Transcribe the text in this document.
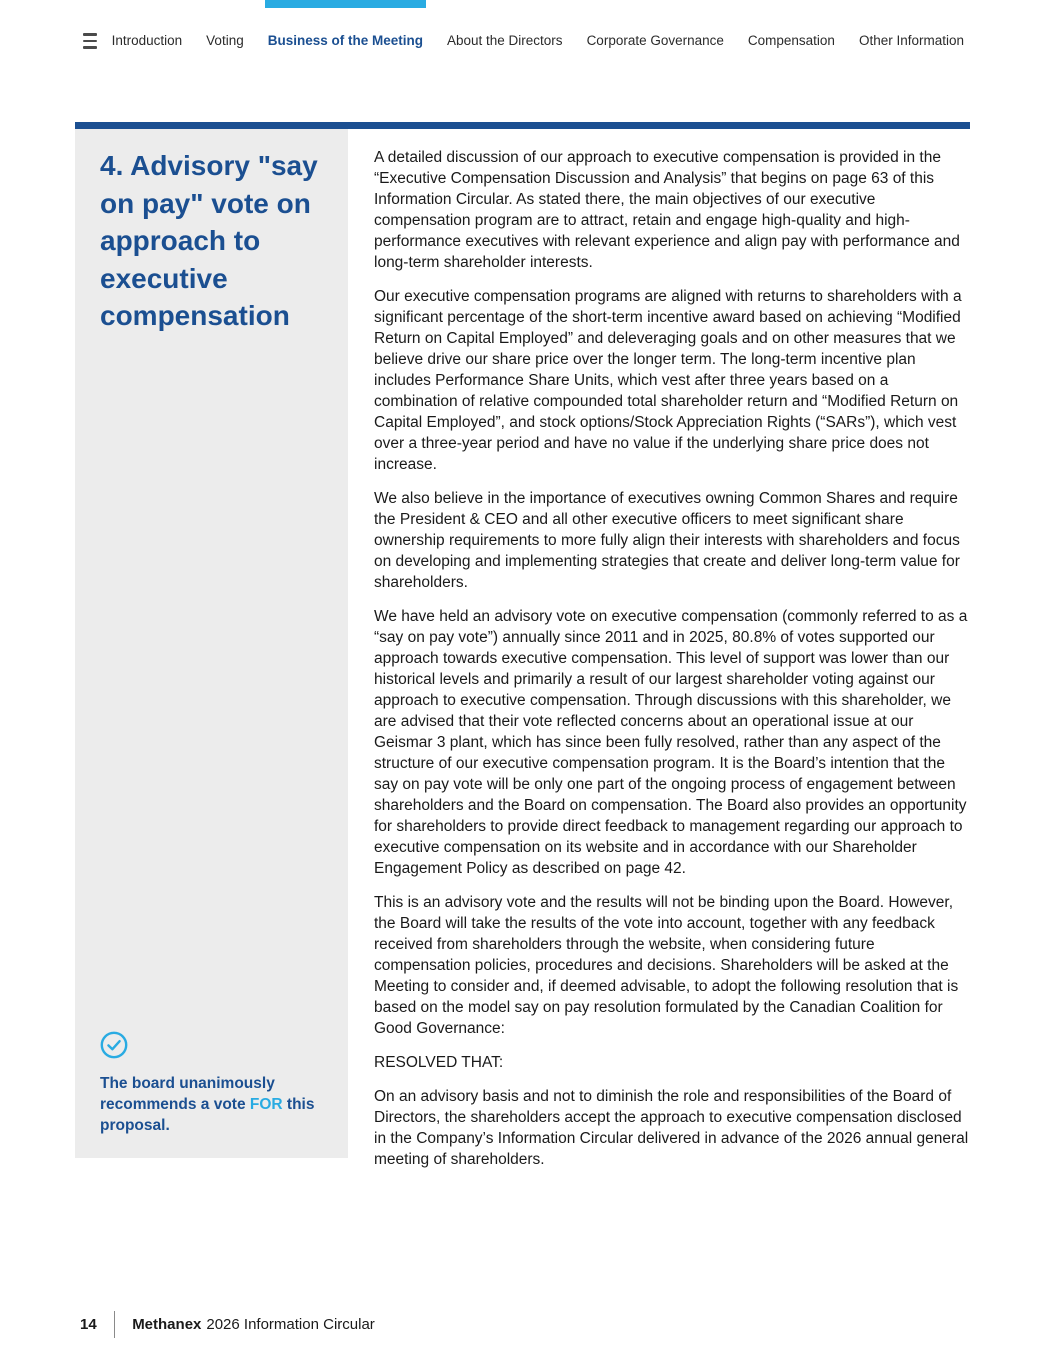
Introduction Voting Business of the Meeting About the Directors Corporate Governance Compensation Other Information
4. Advisory "say on pay" vote on approach to executive compensation
The board unanimously recommends a vote FOR this proposal.

A detailed discussion of our approach to executive compensation is provided in the “Executive Compensation Discussion and Analysis” that begins on page 63 of this Information Circular. As stated there, the main objectives of our executive compensation program are to attract, retain and engage high-quality and high-performance executives with relevant experience and align pay with performance and long-term shareholder interests.

Our executive compensation programs are aligned with returns to shareholders with a significant percentage of the short-term incentive award based on achieving “Modified Return on Capital Employed” and deleveraging goals and on other measures that we believe drive our share price over the longer term. The long-term incentive plan includes Performance Share Units, which vest after three years based on a combination of relative compounded total shareholder return and “Modified Return on Capital Employed”, and stock options/Stock Appreciation Rights (“SARs”), which vest over a three-year period and have no value if the underlying share price does not increase.

We also believe in the importance of executives owning Common Shares and require the President & CEO and all other executive officers to meet significant share ownership requirements to more fully align their interests with shareholders and focus on developing and implementing strategies that create and deliver long-term value for shareholders.

We have held an advisory vote on executive compensation (commonly referred to as a “say on pay vote”) annually since 2011 and in 2025, 80.8% of votes supported our approach towards executive compensation. This level of support was lower than our historical levels and primarily a result of our largest shareholder voting against our approach to executive compensation. Through discussions with this shareholder, we are advised that their vote reflected concerns about an operational issue at our Geismar 3 plant, which has since been fully resolved, rather than any aspect of the structure of our executive compensation program. It is the Board’s intention that the say on pay vote will be only one part of the ongoing process of engagement between shareholders and the Board on compensation. The Board also provides an opportunity for shareholders to provide direct feedback to management regarding our approach to executive compensation on its website and in accordance with our Shareholder Engagement Policy as described on page 42.

This is an advisory vote and the results will not be binding upon the Board. However, the Board will take the results of the vote into account, together with any feedback received from shareholders through the website, when considering future compensation policies, procedures and decisions. Shareholders will be asked at the Meeting to consider and, if deemed advisable, to adopt the following resolution that is based on the model say on pay resolution formulated by the Canadian Coalition for Good Governance:

RESOLVED THAT:

On an advisory basis and not to diminish the role and responsibilities of the Board of Directors, the shareholders accept the approach to executive compensation disclosed in the Company’s Information Circular delivered in advance of the 2026 annual general meeting of shareholders.

14 Methanex 2026 Information Circular
